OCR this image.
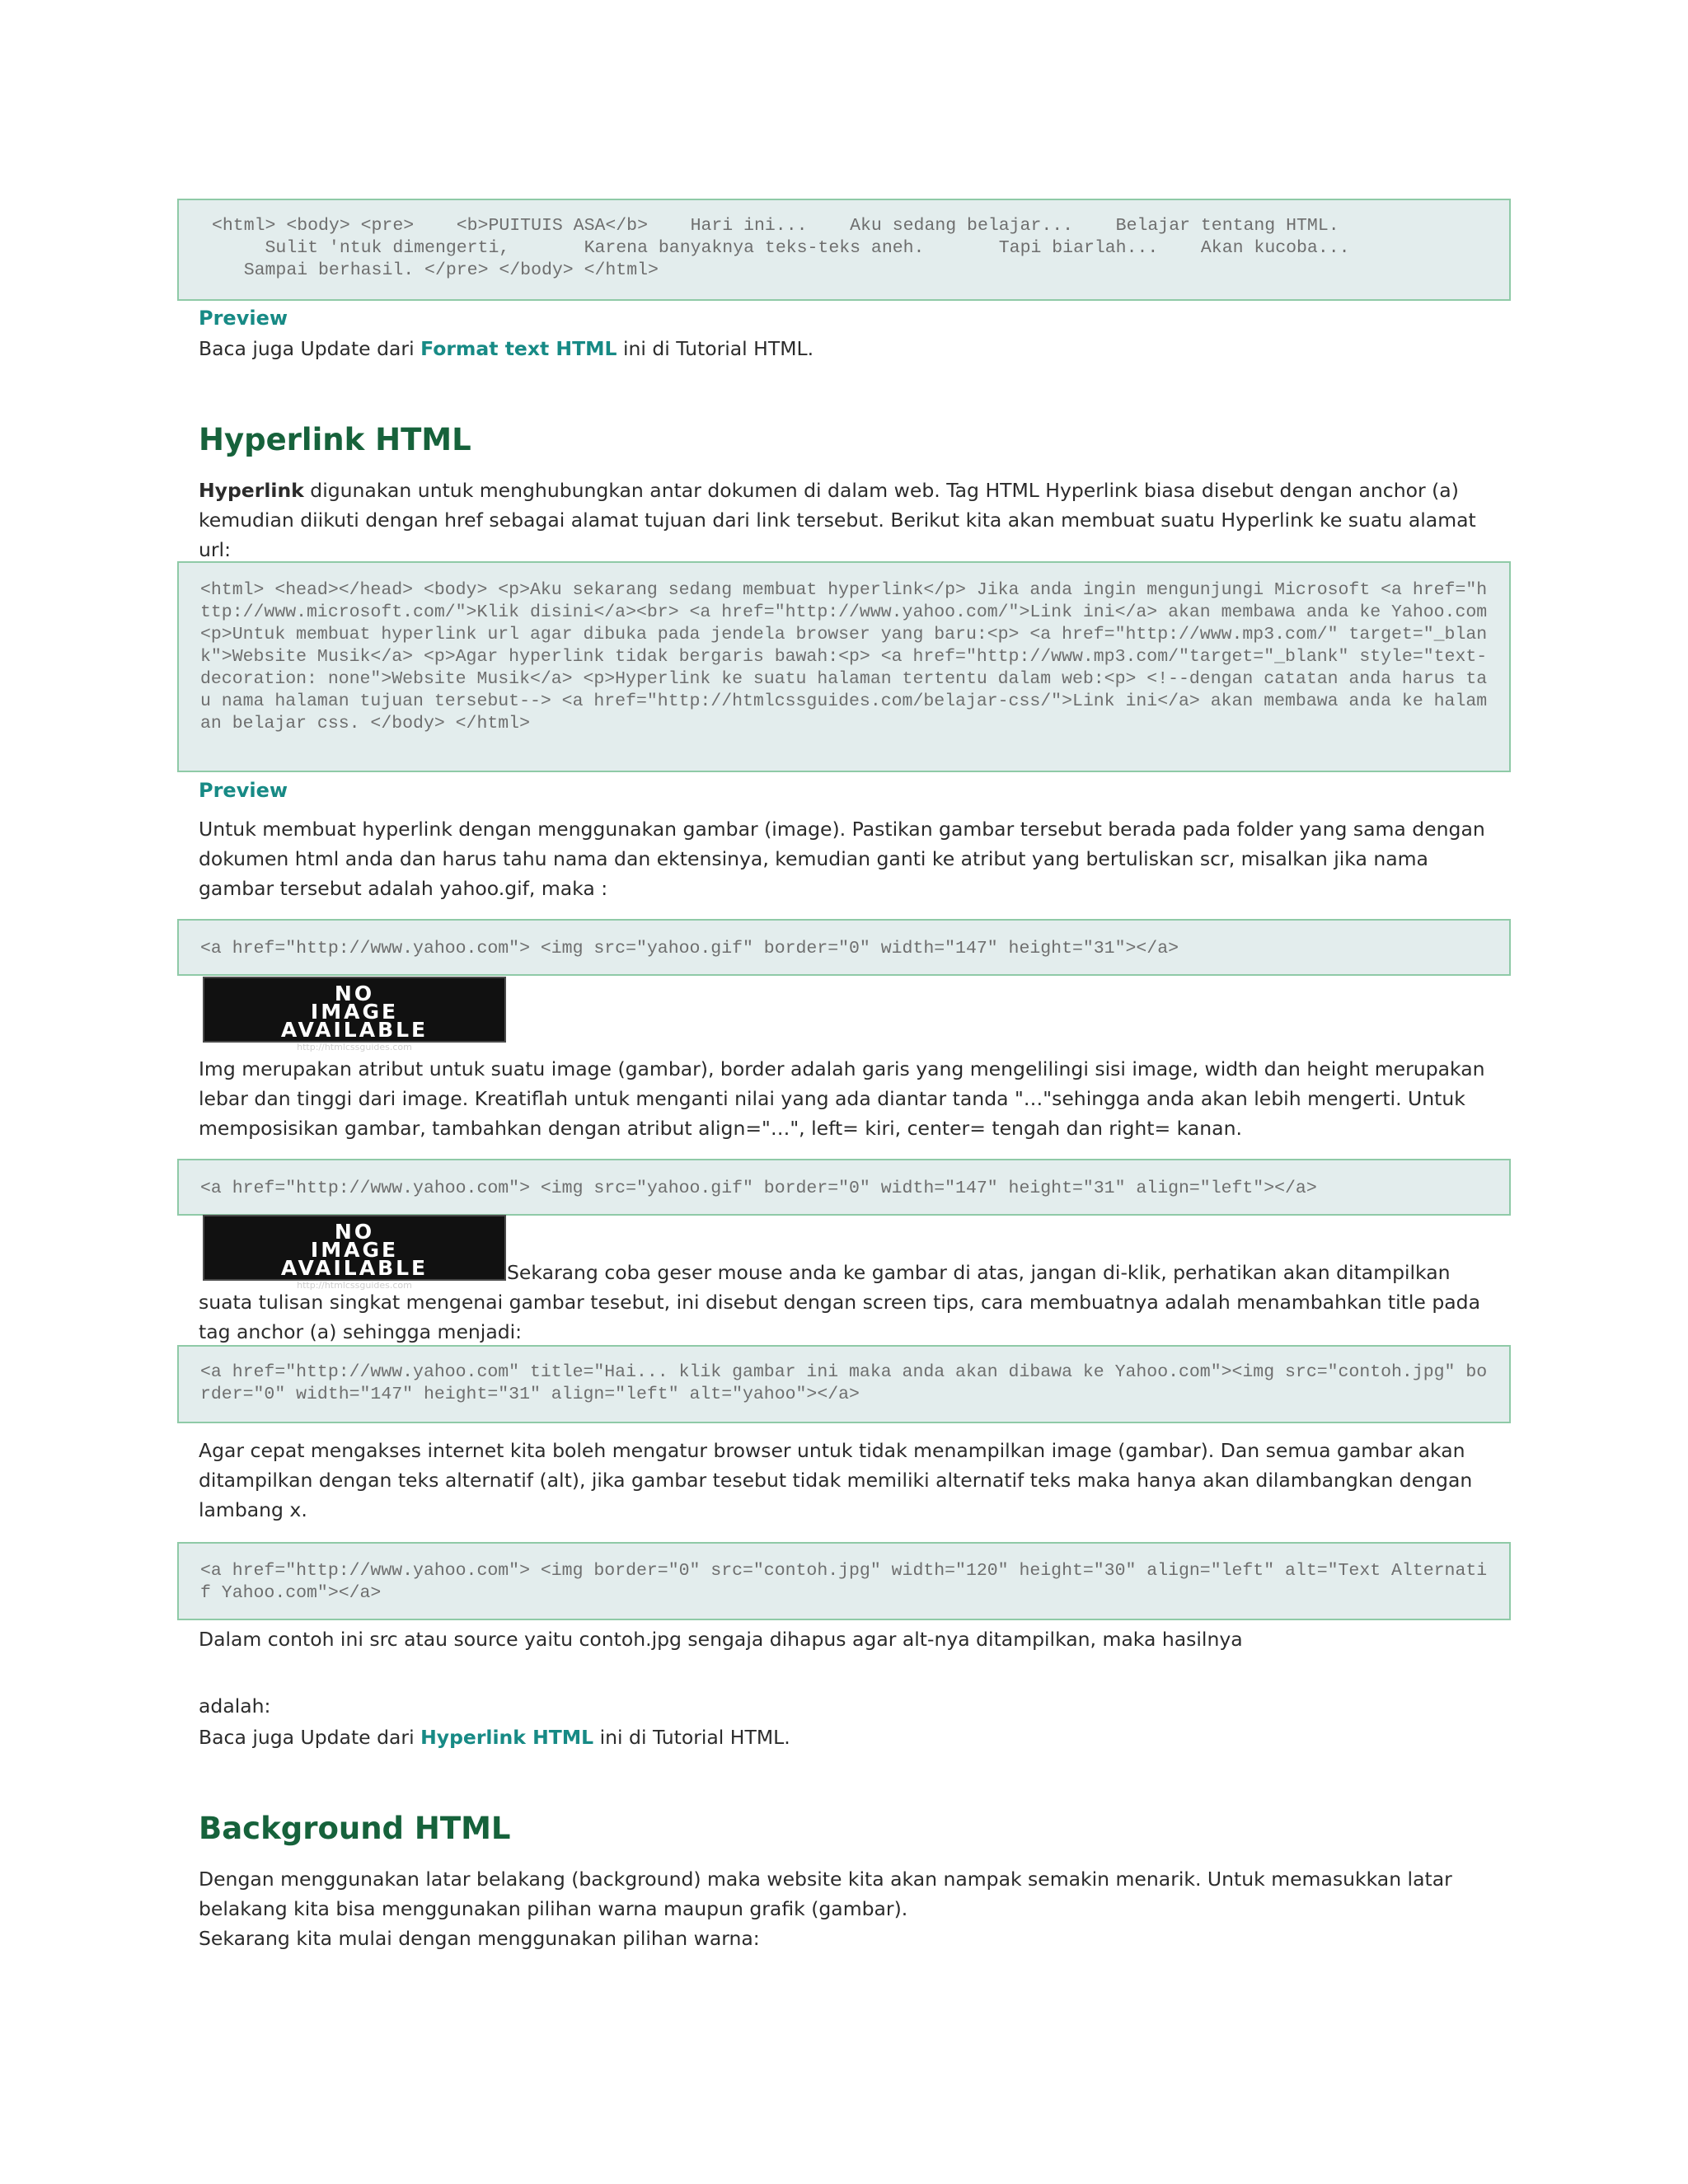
<html> <body> <pre>    <b>PUITUIS ASA</b>    Hari ini...    Aku sedang belajar...    Belajar tentang HTML.
Sulit 'ntuk dimengerti,       Karena banyaknya teks-teks aneh.       Tapi biarlah...    Akan kucoba...
Sampai berhasil. </pre> </body> </html>
Preview
Baca juga Update dari Format text HTML ini di Tutorial HTML.
Hyperlink HTML
Hyperlink digunakan untuk menghubungkan antar dokumen di dalam web. Tag HTML Hyperlink biasa disebut dengan anchor (a) kemudian diikuti dengan href sebagai alamat tujuan dari link tersebut. Berikut kita akan membuat suatu Hyperlink ke suatu alamat url:
<html> <head></head> <body> <p>Aku sekarang sedang membuat hyperlink</p> Jika anda ingin mengunjungi Microsoft <a href="http://www.microsoft.com/">Klik disini</a><br> <a href="http://www.yahoo.com/">Link ini</a> akan membawa anda ke Yahoo.com <p>Untuk membuat hyperlink url agar dibuka pada jendela browser yang baru:<p> <a href="http://www.mp3.com/" target="_blank">Website Musik</a> <p>Agar hyperlink tidak bergaris bawah:<p> <a href="http://www.mp3.com/"target="_blank" style="text-decoration: none">Website Musik</a> <p>Hyperlink ke suatu halaman tertentu dalam web:<p> <!--dengan catatan anda harus tau nama halaman tujuan tersebut--> <a href="http://htmlcssguides.com/belajar-css/">Link ini</a> akan membawa anda ke halaman belajar css. </body> </html>
Preview
Untuk membuat hyperlink dengan menggunakan gambar (image). Pastikan gambar tersebut berada pada folder yang sama dengan dokumen html anda dan harus tahu nama dan ektensinya, kemudian ganti ke atribut yang bertuliskan scr, misalkan jika nama gambar tersebut adalah yahoo.gif, maka :
<a href="http://www.yahoo.com"> <img src="yahoo.gif" border="0" width="147" height="31"></a>
NO
IMAGE
AVAILABLE
http://htmlcssguides.com
Img merupakan atribut untuk suatu image (gambar), border adalah garis yang mengelilingi sisi image, width dan height merupakan lebar dan tinggi dari image. Kreatiflah untuk menganti nilai yang ada diantar tanda "…"sehingga anda akan lebih mengerti. Untuk memposisikan gambar, tambahkan dengan atribut align="…", left= kiri, center= tengah dan right= kanan.
<a href="http://www.yahoo.com"> <img src="yahoo.gif" border="0" width="147" height="31" align="left"></a>
NO
IMAGE
AVAILABLE
http://htmlcssguides.com
Sekarang coba geser mouse anda ke gambar di atas, jangan di-klik, perhatikan akan ditampilkan suata tulisan singkat mengenai gambar tesebut, ini disebut dengan screen tips, cara membuatnya adalah menambahkan title pada tag anchor (a) sehingga menjadi:
<a href="http://www.yahoo.com" title="Hai... klik gambar ini maka anda akan dibawa ke Yahoo.com"><img src="contoh.jpg" border="0" width="147" height="31" align="left" alt="yahoo"></a>
Agar cepat mengakses internet kita boleh mengatur browser untuk tidak menampilkan image (gambar). Dan semua gambar akan ditampilkan dengan teks alternatif (alt), jika gambar tesebut tidak memiliki alternatif teks maka hanya akan dilambangkan dengan lambang x.
<a href="http://www.yahoo.com"> <img border="0" src="contoh.jpg" width="120" height="30" align="left" alt="Text Alternatif Yahoo.com"></a>
Dalam contoh ini src atau source yaitu contoh.jpg sengaja dihapus agar alt-nya ditampilkan, maka hasilnya
adalah:
Baca juga Update dari Hyperlink HTML ini di Tutorial HTML.
Background HTML
Dengan menggunakan latar belakang (background) maka website kita akan nampak semakin menarik. Untuk memasukkan latar belakang kita bisa menggunakan pilihan warna maupun grafik (gambar).
Sekarang kita mulai dengan menggunakan pilihan warna:
